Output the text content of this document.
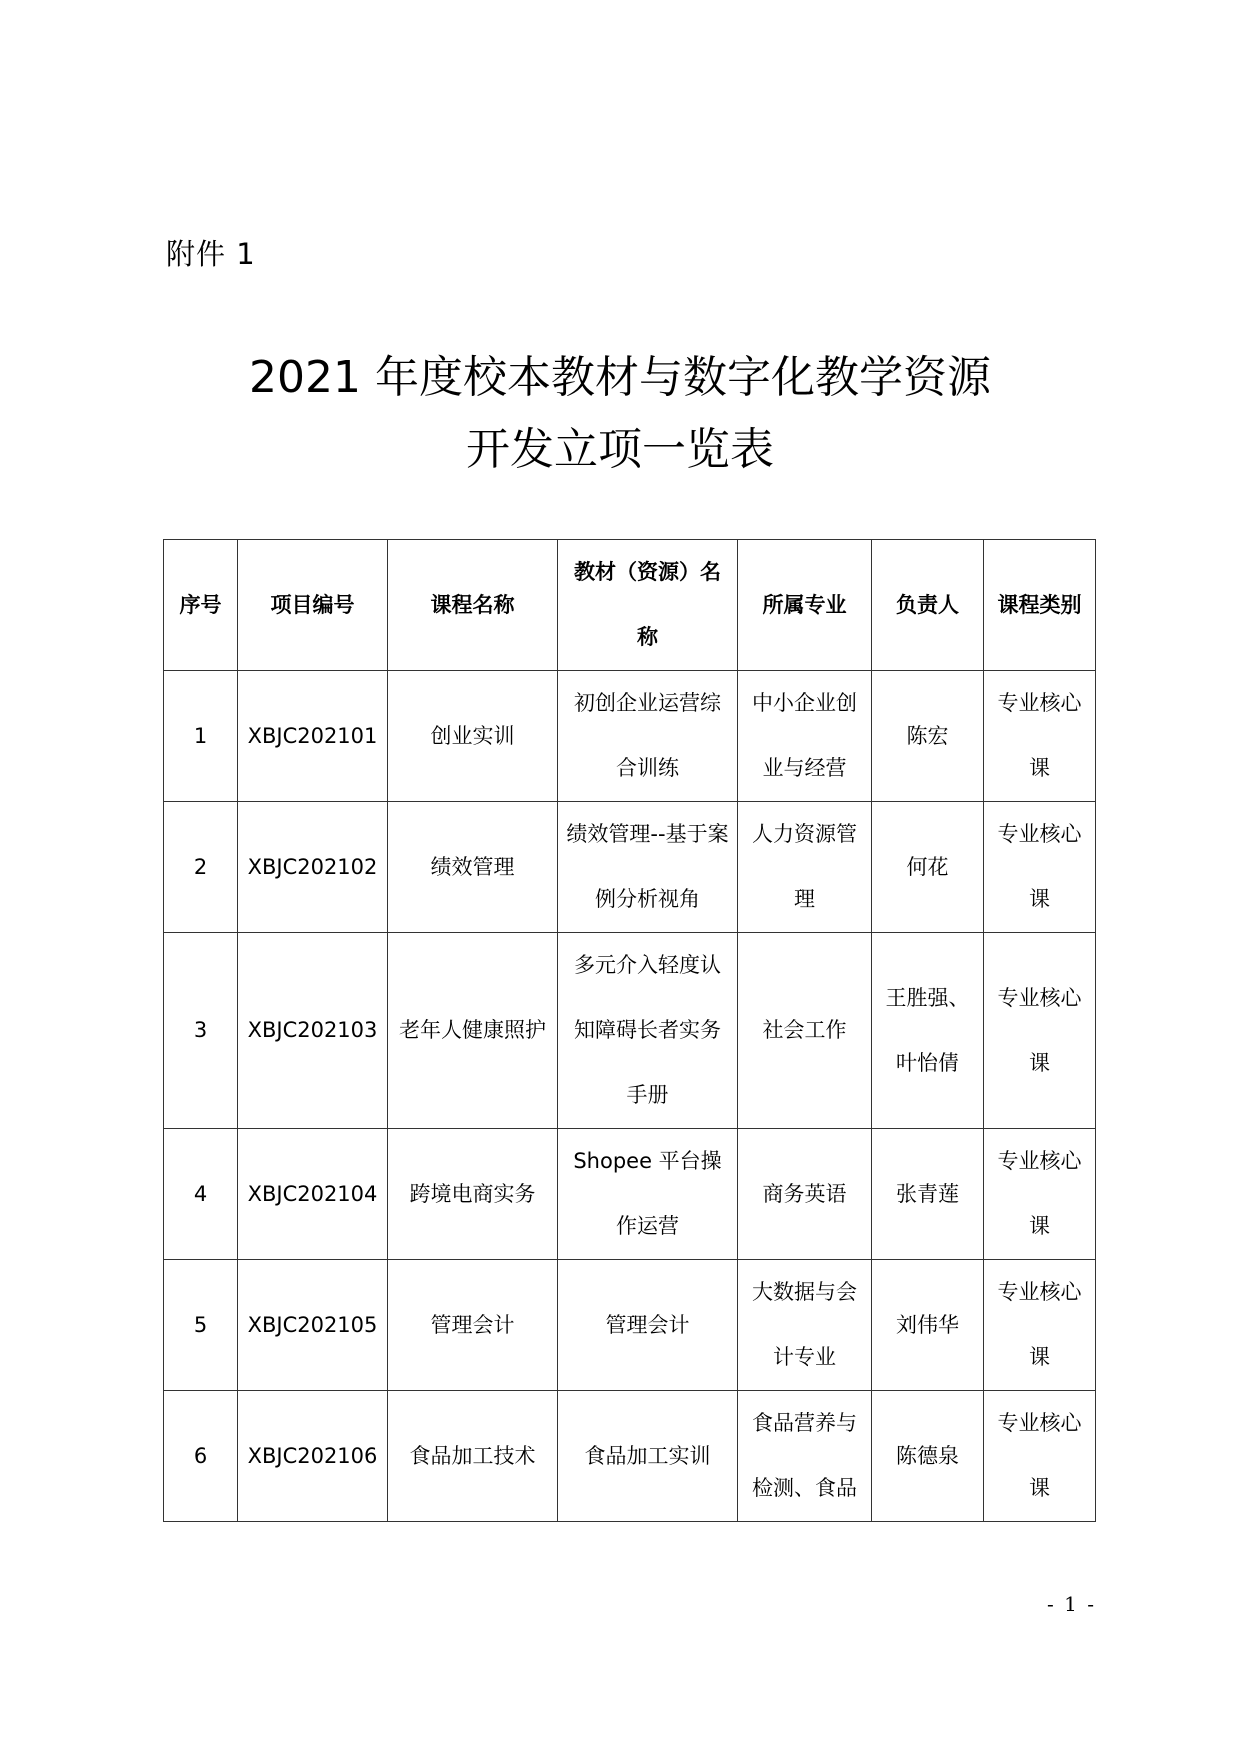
附件 1
2021 年度校本教材与数字化教学资源
开发立项一览表
序号	项目编号	课程名称	教材（资源）名称	所属专业	负责人	课程类别
1	XBJC202101	创业实训	初创企业运营综合训练	中小企业创业与经营	陈宏	专业核心课
2	XBJC202102	绩效管理	绩效管理--基于案例分析视角	人力资源管理	何花	专业核心课
3	XBJC202103	老年人健康照护	多元介入轻度认知障碍长者实务手册	社会工作	王胜强、叶怡倩	专业核心课
4	XBJC202104	跨境电商实务	Shopee 平台操作运营	商务英语	张青莲	专业核心课
5	XBJC202105	管理会计	管理会计	大数据与会计专业	刘伟华	专业核心课
6	XBJC202106	食品加工技术	食品加工实训	食品营养与检测、食品	陈德泉	专业核心课
- 1 -
